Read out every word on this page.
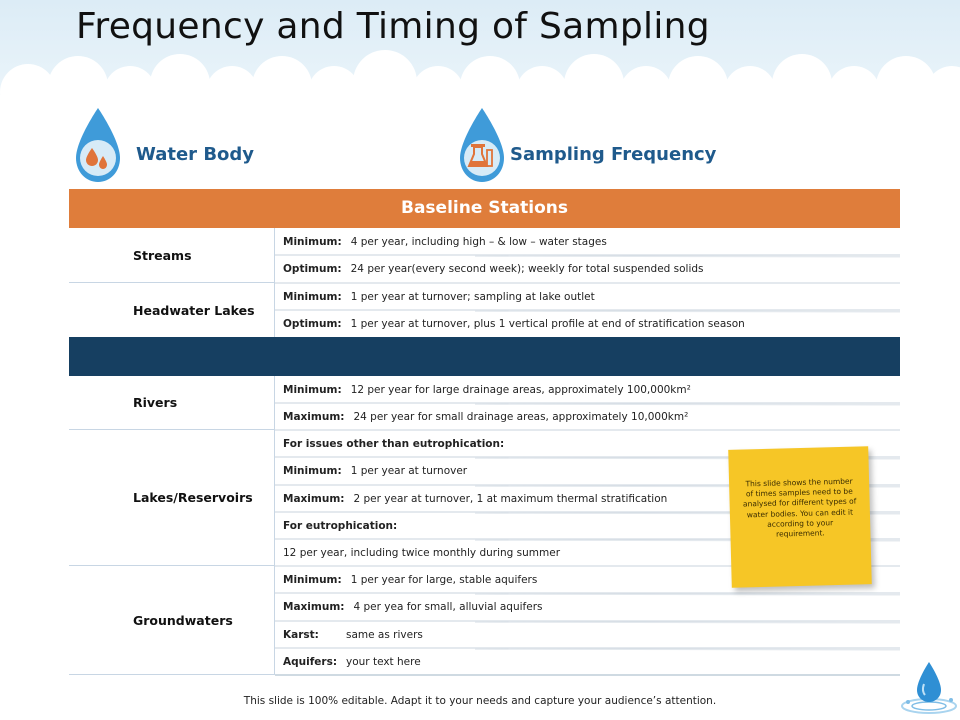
Frequency and Timing of Sampling
Water Body	Sampling Frequency
Baseline Stations
Streams
Minimum: 4 per year, including high – & low – water stages
Optimum: 24 per year(every second week); weekly for total suspended solids
Headwater Lakes
Minimum: 1 per year at turnover; sampling at lake outlet
Optimum: 1 per year at turnover, plus 1 vertical profile at end of stratification season
Rivers
Minimum: 12 per year for large drainage areas, approximately 100,000km²
Maximum: 24 per year for small drainage areas, approximately 10,000km²
Lakes/Reservoirs
For issues other than eutrophication:
Minimum: 1 per year at turnover
Maximum: 2 per year at turnover, 1 at maximum thermal stratification
For eutrophication:
12 per year, including twice monthly during summer
Groundwaters
Minimum: 1 per year for large, stable aquifers
Maximum: 4 per yea for small, alluvial aquifers
Karst:	same as rivers
Aquifers: your text here
This slide shows the number of times samples need to be analysed for different types of water bodies. You can edit it according to your requirement.
This slide is 100% editable. Adapt it to your needs and capture your audience’s attention.
